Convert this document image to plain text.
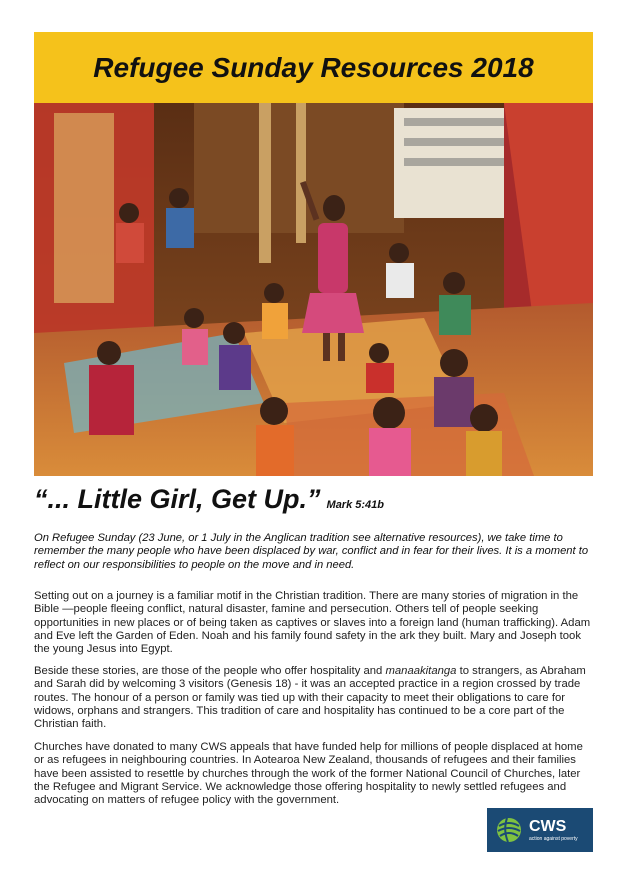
Refugee Sunday Resources 2018
“... Little Girl, Get Up.” Mark 5:41b

On Refugee Sunday (23 June, or 1 July in the Anglican tradition see alternative resources), we take time to remember the many people who have been displaced by war, conflict and in fear for their lives. It is a moment to reflect on our responsibilities to people on the move and in need.

Setting out on a journey is a familiar motif in the Christian tradition. There are many stories of migration in the Bible —people fleeing conflict, natural disaster, famine and persecution. Others tell of people seeking opportunities in new places or of being taken as captives or slaves into a foreign land (human trafficking). Adam and Eve left the Garden of Eden. Noah and his family found safety in the ark they built. Mary and Joseph took the young Jesus into Egypt.

Beside these stories, are those of the people who offer hospitality and manaakitanga to strangers, as Abraham and Sarah did by welcoming 3 visitors (Genesis 18) - it was an accepted practice in a region crossed by trade routes. The honour of a person or family was tied up with their capacity to meet their obligations to care for widows, orphans and strangers. This tradition of care and hospitality has continued to be a core part of the Christian faith.

Churches have donated to many CWS appeals that have funded help for millions of people displaced at home or as refugees in neighbouring countries. In Aotearoa New Zealand, thousands of refugees and their families have been assisted to resettle by churches through the work of the former National Council of Churches, later the Refugee and Migrant Service. We acknowledge those offering hospitality to newly settled refugees and advocating on matters of refugee policy with the government.

CWS
action against poverty
